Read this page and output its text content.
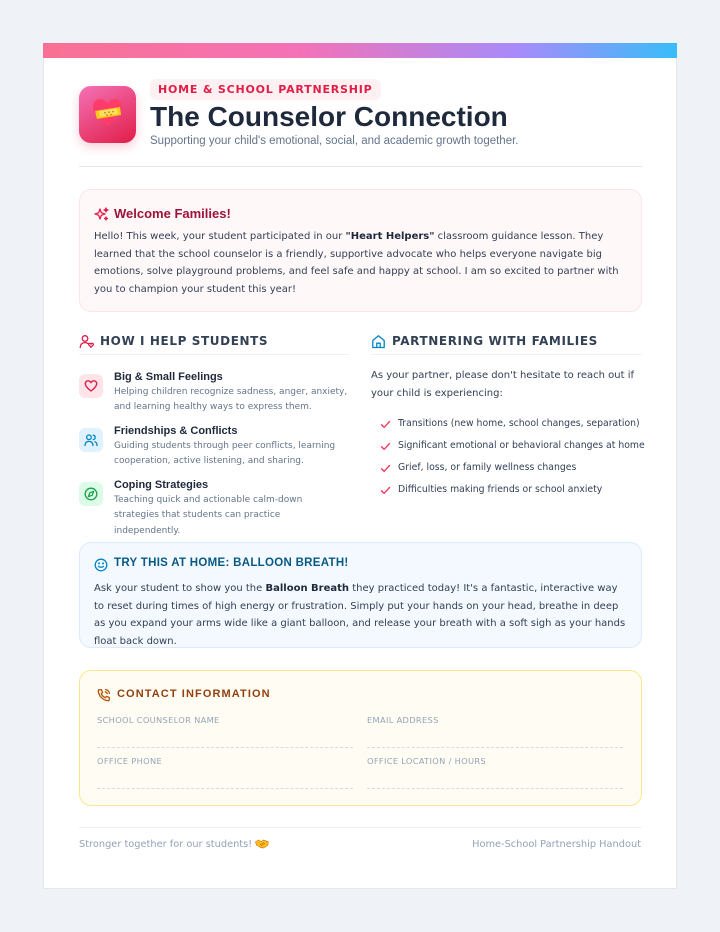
HOME & SCHOOL PARTNERSHIP
The Counselor Connection
Supporting your child's emotional, social, and academic growth together.
Welcome Families!
Hello! This week, your student participated in our "Heart Helpers" classroom guidance lesson. They learned that the school counselor is a friendly, supportive advocate who helps everyone navigate big emotions, solve playground problems, and feel safe and happy at school. I am so excited to partner with you to champion your student this year!
HOW I HELP STUDENTS
Big & Small Feelings
Helping children recognize sadness, anger, anxiety, and learning healthy ways to express them.
Friendships & Conflicts
Guiding students through peer conflicts, learning cooperation, active listening, and sharing.
Coping Strategies
Teaching quick and actionable calm-down strategies that students can practice independently.
PARTNERING WITH FAMILIES
As your partner, please don't hesitate to reach out if your child is experiencing:
Transitions (new home, school changes, separation)
Significant emotional or behavioral changes at home
Grief, loss, or family wellness changes
Difficulties making friends or school anxiety
TRY THIS AT HOME: BALLOON BREATH!
Ask your student to show you the Balloon Breath they practiced today! It's a fantastic, interactive way to reset during times of high energy or frustration. Simply put your hands on your head, breathe in deep as you expand your arms wide like a giant balloon, and release your breath with a soft sigh as your hands float back down.
CONTACT INFORMATION
SCHOOL COUNSELOR NAME	EMAIL ADDRESS
OFFICE PHONE	OFFICE LOCATION / HOURS
Stronger together for our students!	Home-School Partnership Handout
